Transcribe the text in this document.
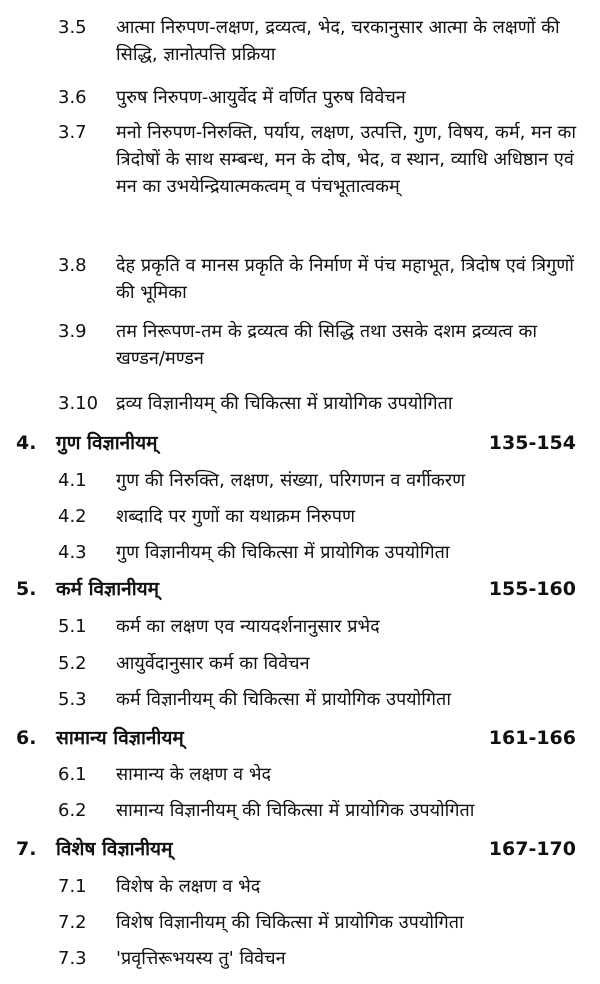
3.5	आत्मा निरुपण-लक्षण, द्रव्यत्व, भेद, चरकानुसार आत्मा के लक्षणों की सिद्धि, ज्ञानोत्पत्ति प्रक्रिया
3.6	पुरुष निरुपण-आयुर्वेद में वर्णित पुरुष विवेचन
3.7	मनो निरुपण-निरुक्ति, पर्याय, लक्षण, उत्पत्ति, गुण, विषय, कर्म, मन का त्रिदोषों के साथ सम्बन्ध, मन के दोष, भेद, व स्थान, व्याधि अधिष्ठान एवं मन का उभयेन्द्रियात्मकत्वम् व पंचभूतात्वकम्
3.8	देह प्रकृति व मानस प्रकृति के निर्माण में पंच महाभूत, त्रिदोष एवं त्रिगुणों की भूमिका
3.9	तम निरूपण-तम के द्रव्यत्व की सिद्धि तथा उसके दशम द्रव्यत्व का खण्डन/मण्डन
3.10 द्रव्य विज्ञानीयम् की चिकित्सा में प्रायोगिक उपयोगिता
4. गुण विज्ञानीयम्	135-154
4.1	गुण की निरुक्ति, लक्षण, संख्या, परिगणन व वर्गीकरण
4.2	शब्दादि पर गुणों का यथाक्रम निरुपण
4.3	गुण विज्ञानीयम् की चिकित्सा में प्रायोगिक उपयोगिता
5. कर्म विज्ञानीयम्	155-160
5.1	कर्म का लक्षण एव न्यायदर्शनानुसार प्रभेद
5.2	आयुर्वेदानुसार कर्म का विवेचन
5.3	कर्म विज्ञानीयम् की चिकित्सा में प्रायोगिक उपयोगिता
6. सामान्य विज्ञानीयम्	161-166
6.1	सामान्य के लक्षण व भेद
6.2	सामान्य विज्ञानीयम् की चिकित्सा में प्रायोगिक उपयोगिता
7. विशेष विज्ञानीयम्	167-170
7.1	विशेष के लक्षण व भेद
7.2	विशेष विज्ञानीयम् की चिकित्सा में प्रायोगिक उपयोगिता
7.3	'प्रवृत्तिरूभयस्य तु' विवेचन
